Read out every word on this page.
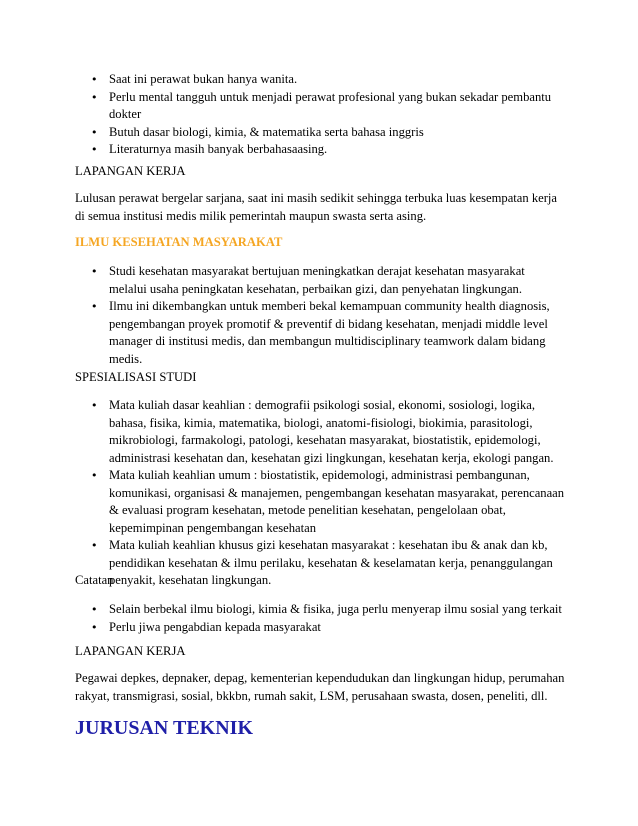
• Saat ini perawat bukan hanya wanita.
• Perlu mental tangguh untuk menjadi perawat profesional yang bukan sekadar pembantu dokter
• Butuh dasar biologi, kimia, & matematika serta bahasa inggris
• Literaturnya masih banyak berbahasaasing.

LAPANGAN KERJA

Lulusan perawat bergelar sarjana, saat ini masih sedikit sehingga terbuka luas kesempatan kerja di semua institusi medis milik pemerintah maupun swasta serta asing.

ILMU KESEHATAN MASYARAKAT

• Studi kesehatan masyarakat bertujuan meningkatkan derajat kesehatan masyarakat melalui usaha peningkatan kesehatan, perbaikan gizi, dan penyehatan lingkungan.
• Ilmu ini dikembangkan untuk memberi bekal kemampuan community health diagnosis, pengembangan proyek promotif & preventif di bidang kesehatan, menjadi middle level manager di institusi medis, dan membangun multidisciplinary teamwork dalam bidang medis.

SPESIALISASI STUDI

• Mata kuliah dasar keahlian : demografii psikologi sosial, ekonomi, sosiologi, logika, bahasa, fisika, kimia, matematika, biologi, anatomi-fisiologi, biokimia, parasitologi, mikrobiologi, farmakologi, patologi, kesehatan masyarakat, biostatistik, epidemologi, administrasi kesehatan dan, kesehatan gizi lingkungan, kesehatan kerja, ekologi pangan.
• Mata kuliah keahlian umum : biostatistik, epidemologi, administrasi pembangunan, komunikasi, organisasi & manajemen, pengembangan kesehatan masyarakat, perencanaan & evaluasi program kesehatan, metode penelitian kesehatan, pengelolaan obat, kepemimpinan pengembangan kesehatan
• Mata kuliah keahlian khusus gizi kesehatan masyarakat : kesehatan ibu & anak dan kb, pendidikan kesehatan & ilmu perilaku, kesehatan & keselamatan kerja, penanggulangan penyakit, kesehatan lingkungan.

Catatan

• Selain berbekal ilmu biologi, kimia & fisika, juga perlu menyerap ilmu sosial yang terkait
• Perlu jiwa pengabdian kepada masyarakat

LAPANGAN KERJA

Pegawai depkes, depnaker, depag, kementerian kependudukan dan lingkungan hidup, perumahan rakyat, transmigrasi, sosial, bkkbn, rumah sakit, LSM, perusahaan swasta, dosen, peneliti, dll.

JURUSAN TEKNIK
